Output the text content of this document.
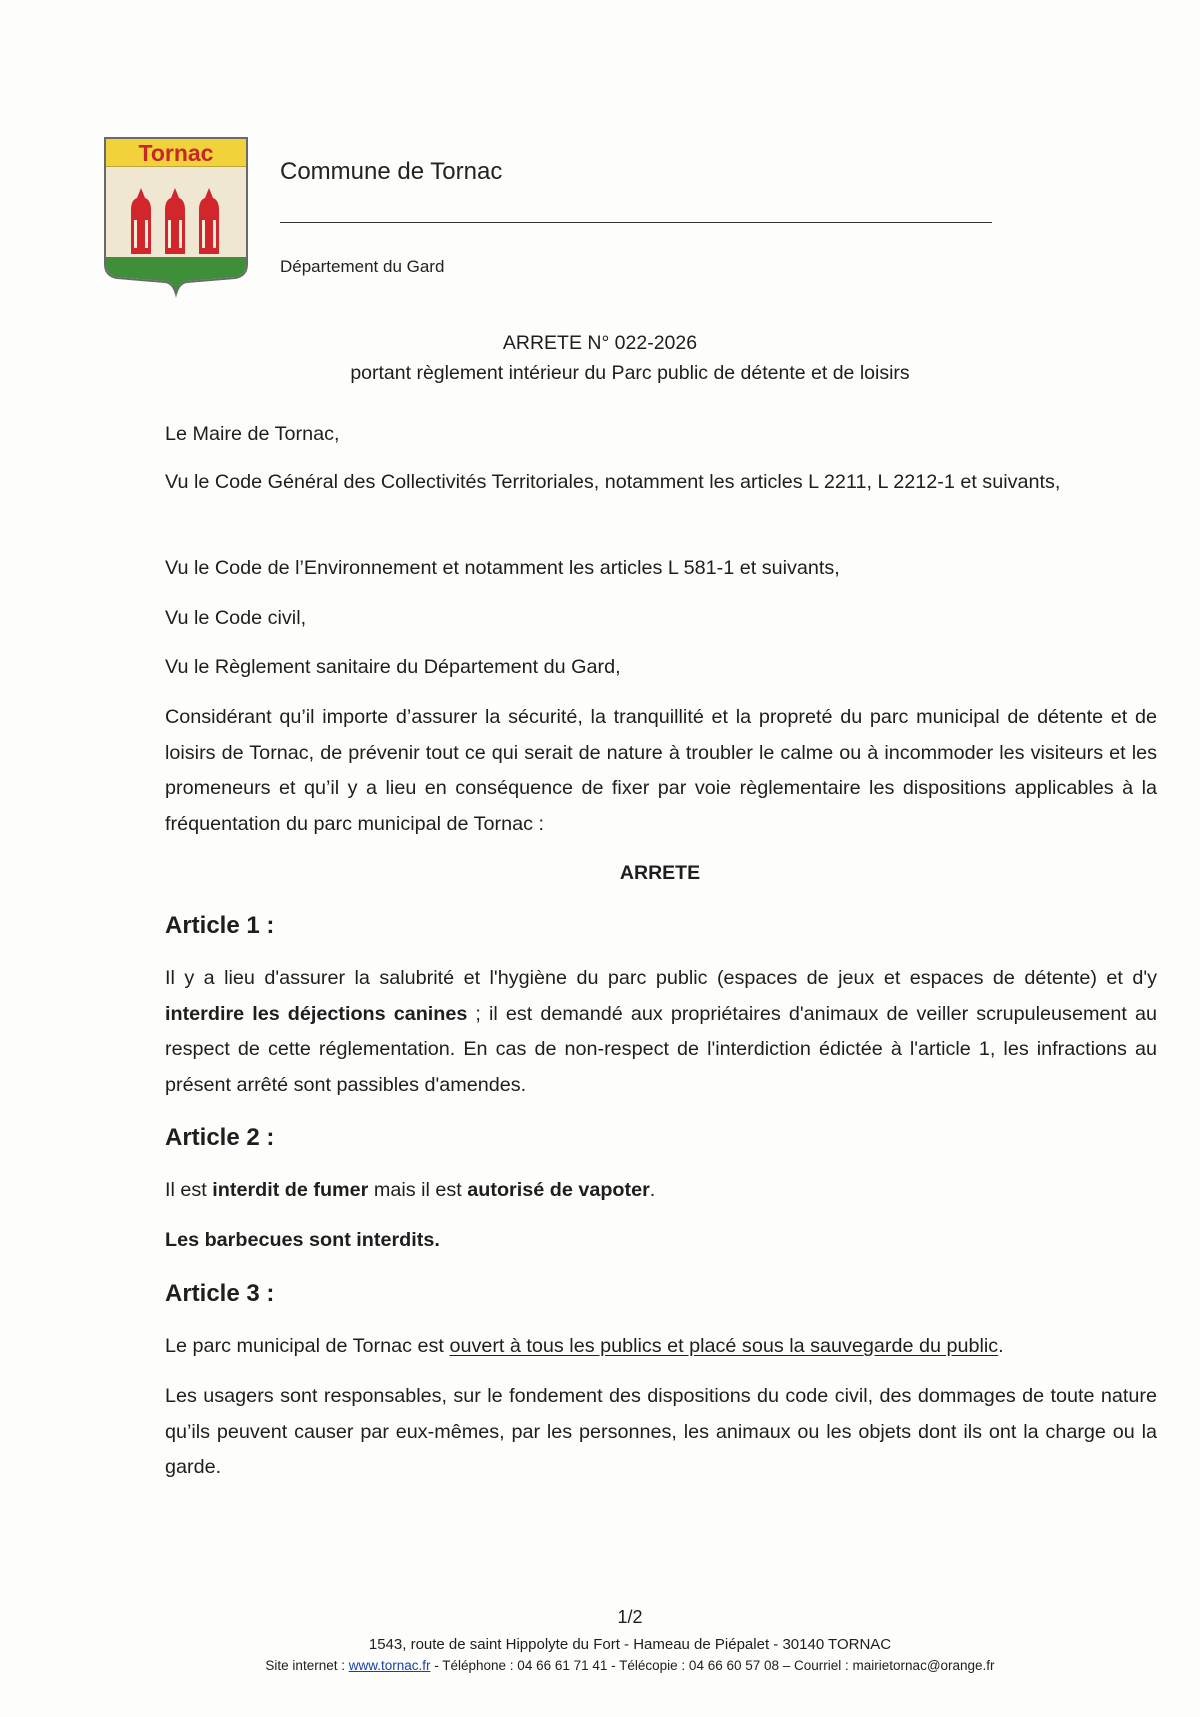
Tornac
Commune de Tornac
Département du Gard
ARRETE N° 022-2026
portant règlement intérieur du Parc public de détente et de loisirs
Le Maire de Tornac,
Vu le Code Général des Collectivités Territoriales, notamment les articles L 2211, L 2212-1 et suivants,
Vu le Code de l’Environnement et notamment les articles L 581-1 et suivants,
Vu le Code civil,
Vu le Règlement sanitaire du Département du Gard,
Considérant qu’il importe d’assurer la sécurité, la tranquillité et la propreté du parc municipal de détente et de loisirs de Tornac, de prévenir tout ce qui serait de nature à troubler le calme ou à incommoder les visiteurs et les promeneurs et qu’il y a lieu en conséquence de fixer par voie règlementaire les dispositions applicables à la fréquentation du parc municipal de Tornac :
ARRETE
Article 1 :
Il y a lieu d'assurer la salubrité et l'hygiène du parc public (espaces de jeux et espaces de détente) et d'y interdire les déjections canines ; il est demandé aux propriétaires d'animaux de veiller scrupuleusement au respect de cette réglementation. En cas de non-respect de l'interdiction édictée à l'article 1, les infractions au présent arrêté sont passibles d'amendes.
Article 2 :
Il est interdit de fumer mais il est autorisé de vapoter.
Les barbecues sont interdits.
Article 3 :
Le parc municipal de Tornac est ouvert à tous les publics et placé sous la sauvegarde du public.
Les usagers sont responsables, sur le fondement des dispositions du code civil, des dommages de toute nature qu’ils peuvent causer par eux-mêmes, par les personnes, les animaux ou les objets dont ils ont la charge ou la garde.
1/2
1543, route de saint Hippolyte du Fort - Hameau de Piépalet - 30140 TORNAC
Site internet : www.tornac.fr - Téléphone : 04 66 61 71 41 - Télécopie : 04 66 60 57 08 – Courriel : mairietornac@orange.fr
